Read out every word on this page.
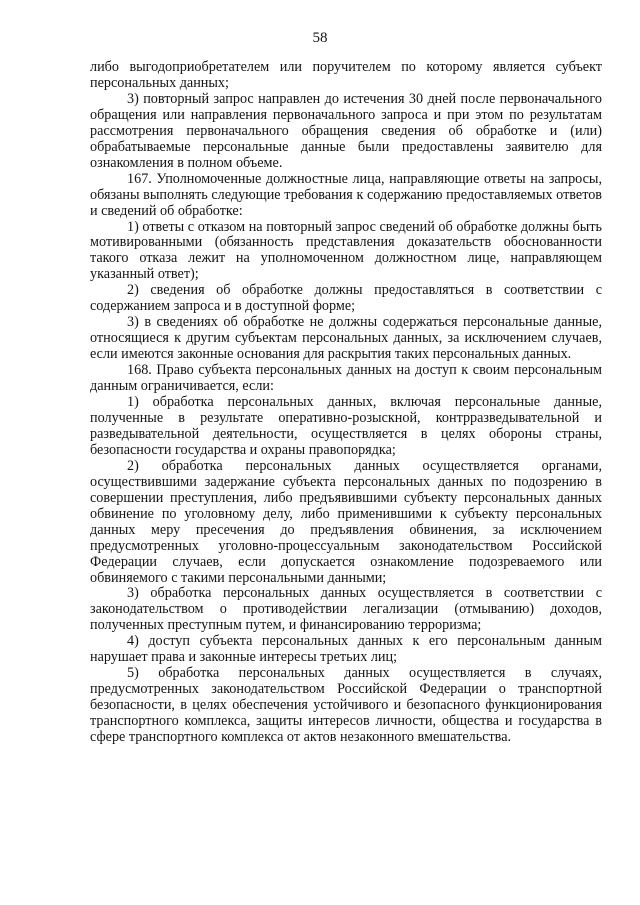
58

либо выгодоприобретателем или поручителем по которому является субъект персональных данных;

3) повторный запрос направлен до истечения 30 дней после первоначального обращения или направления первоначального запроса и при этом по результатам рассмотрения первоначального обращения сведения об обработке и (или) обрабатываемые персональные данные были предоставлены заявителю для ознакомления в полном объеме.

167. Уполномоченные должностные лица, направляющие ответы на запросы, обязаны выполнять следующие требования к содержанию предоставляемых ответов и сведений об обработке:

1) ответы с отказом на повторный запрос сведений об обработке должны быть мотивированными (обязанность представления доказательств обоснованности такого отказа лежит на уполномоченном должностном лице, направляющем указанный ответ);

2) сведения об обработке должны предоставляться в соответствии с содержанием запроса и в доступной форме;

3) в сведениях об обработке не должны содержаться персональные данные, относящиеся к другим субъектам персональных данных, за исключением случаев, если имеются законные основания для раскрытия таких персональных данных.

168. Право субъекта персональных данных на доступ к своим персональным данным ограничивается, если:

1) обработка персональных данных, включая персональные данные, полученные в результате оперативно-розыскной, контрразведывательной и разведывательной деятельности, осуществляется в целях обороны страны, безопасности государства и охраны правопорядка;

2) обработка персональных данных осуществляется органами, осуществившими задержание субъекта персональных данных по подозрению в совершении преступления, либо предъявившими субъекту персональных данных обвинение по уголовному делу, либо применившими к субъекту персональных данных меру пресечения до предъявления обвинения, за исключением предусмотренных уголовно-процессуальным законодательством Российской Федерации случаев, если допускается ознакомление подозреваемого или обвиняемого с такими персональными данными;

3) обработка персональных данных осуществляется в соответствии с законодательством о противодействии легализации (отмыванию) доходов, полученных преступным путем, и финансированию терроризма;

4) доступ субъекта персональных данных к его персональным данным нарушает права и законные интересы третьих лиц;

5) обработка персональных данных осуществляется в случаях, предусмотренных законодательством Российской Федерации о транспортной безопасности, в целях обеспечения устойчивого и безопасного функционирования транспортного комплекса, защиты интересов личности, общества и государства в сфере транспортного комплекса от актов незаконного вмешательства.
